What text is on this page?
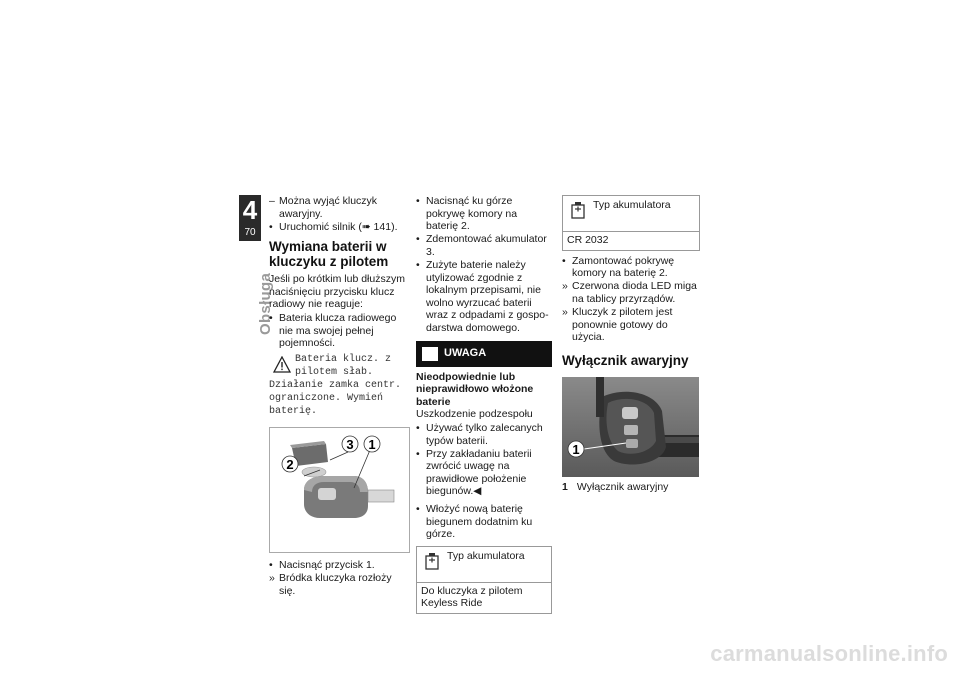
4
70
Obsługa
– Można wyjąć kluczyk awaryjny.
• Uruchomić silnik (➠ 141).
Wymiana baterii w kluczyku z pilotem

Jeśli po krótkim lub dłuższym naciśnięciu przycisku klucz radiowy nie reaguje:

• Bateria klucza radiowego nie ma swojej pełnej pojemności.
Bateria klucz. z pilotem słab. Działanie zamka centr. ograniczone. Wymień baterię.
3 1
2
• Nacisnąć przycisk 1.
» Bródka kluczyka rozłoży się.
• Nacisnąć ku górze pokrywę komory na baterię 2.
• Zdemontować akumulator 3.
• Zużyte baterie należy utylizować zgodnie z lokalnym przepisami, nie wolno wyrzucać baterii wraz z odpadami z gospodarstwa domowego.
UWAGA
Nieodpowiednie lub nieprawidłowo włożone baterie

Uszkodzenie podzespołu

• Używać tylko zalecanych typów baterii.
• Przy zakładaniu baterii zwrócić uwagę na prawidłowe położenie biegunów.◀
• Włożyć nową baterię biegunem dodatnim ku górze.
Typ akumulatora
Do kluczyka z pilotem Keyless Ride
Typ akumulatora
CR 2032
• Zamontować pokrywę komory na baterię 2.
» Czerwona dioda LED miga na tablicy przyrządów.
» Kluczyk z pilotem jest ponownie gotowy do użycia.
Wyłącznik awaryjny
1
1 Wyłącznik awaryjny
carmanualsonline.info
